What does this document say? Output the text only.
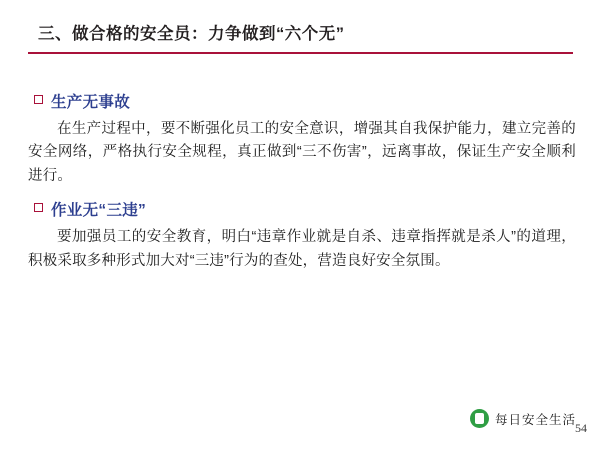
三、做合格的安全员：力争做到“六个无”
生产无事故

在生产过程中，要不断强化员工的安全意识，增强其自我保护能力，建立完善的安全网络，严格执行安全规程，真正做到“三不伤害”，远离事故，保证生产安全顺利进行。

作业无“三违”

要加强员工的安全教育，明白“违章作业就是自杀、违章指挥就是杀人”的道理，积极采取多种形式加大对“三违”行为的查处，营造良好安全氛围。

每日安全生活
54
